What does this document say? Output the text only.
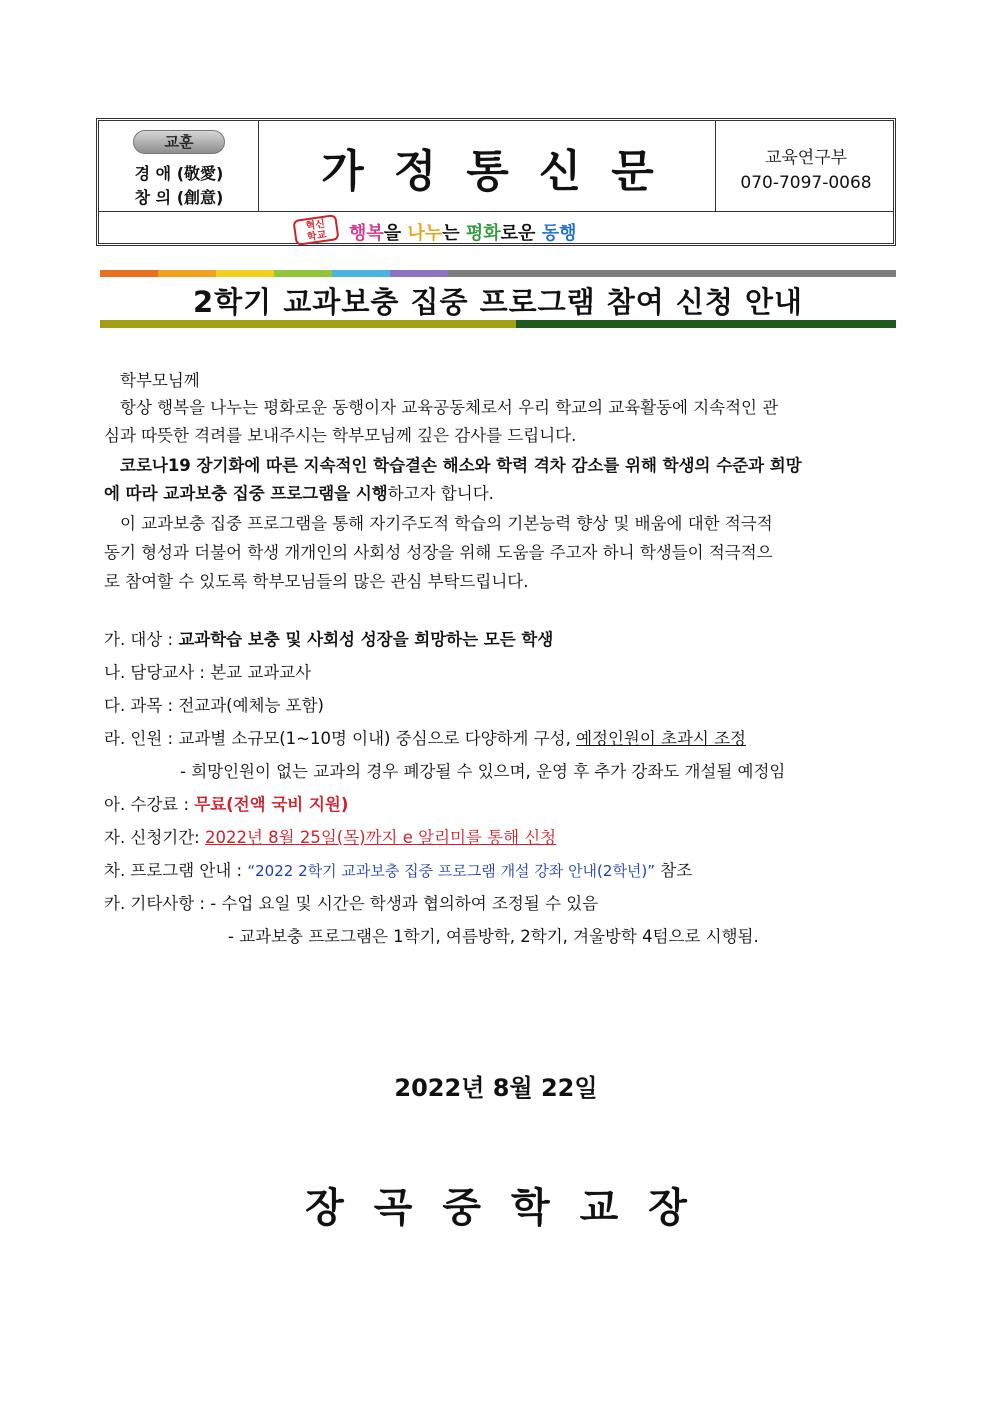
교훈
경 애 (敬愛)
창 의 (創意)
가정통신문	교육연구부
070-7097-0068
혁신
학교	행복을 나누는 평화로운 동행
2학기 교과보충 집중 프로그램 참여 신청 안내
학부모님께
항상 행복을 나누는 평화로운 동행이자 교육공동체로서 우리 학교의 교육활동에 지속적인 관
심과 따뜻한 격려를 보내주시는 학부모님께 깊은 감사를 드립니다.
코로나19 장기화에 따른 지속적인 학습결손 해소와 학력 격차 감소를 위해 학생의 수준과 희망
에 따라 교과보충 집중 프로그램을 시행하고자 합니다.
이 교과보충 집중 프로그램을 통해 자기주도적 학습의 기본능력 향상 및 배움에 대한 적극적
동기 형성과 더불어 학생 개개인의 사회성 성장을 위해 도움을 주고자 하니 학생들이 적극적으
로 참여할 수 있도록 학부모님들의 많은 관심 부탁드립니다.
가. 대상 : 교과학습 보충 및 사회성 성장을 희망하는 모든 학생
나. 담당교사 : 본교 교과교사
다. 과목 : 전교과(예체능 포함)
라. 인원 : 교과별 소규모(1~10명 이내) 중심으로 다양하게 구성, 예정인원이 초과시 조정
- 희망인원이 없는 교과의 경우 폐강될 수 있으며, 운영 후 추가 강좌도 개설될 예정임
아. 수강료 : 무료(전액 국비 지원)
자. 신청기간: 2022년 8월 25일(목)까지 e 알리미를 통해 신청
차. 프로그램 안내 : “2022 2학기 교과보충 집중 프로그램 개설 강좌 안내(2학년)” 참조
카. 기타사항 : - 수업 요일 및 시간은 학생과 협의하여 조정될 수 있음
- 교과보충 프로그램은 1학기, 여름방학, 2학기, 겨울방학 4텀으로 시행됨.
2022년 8월 22일
장곡중학교장
